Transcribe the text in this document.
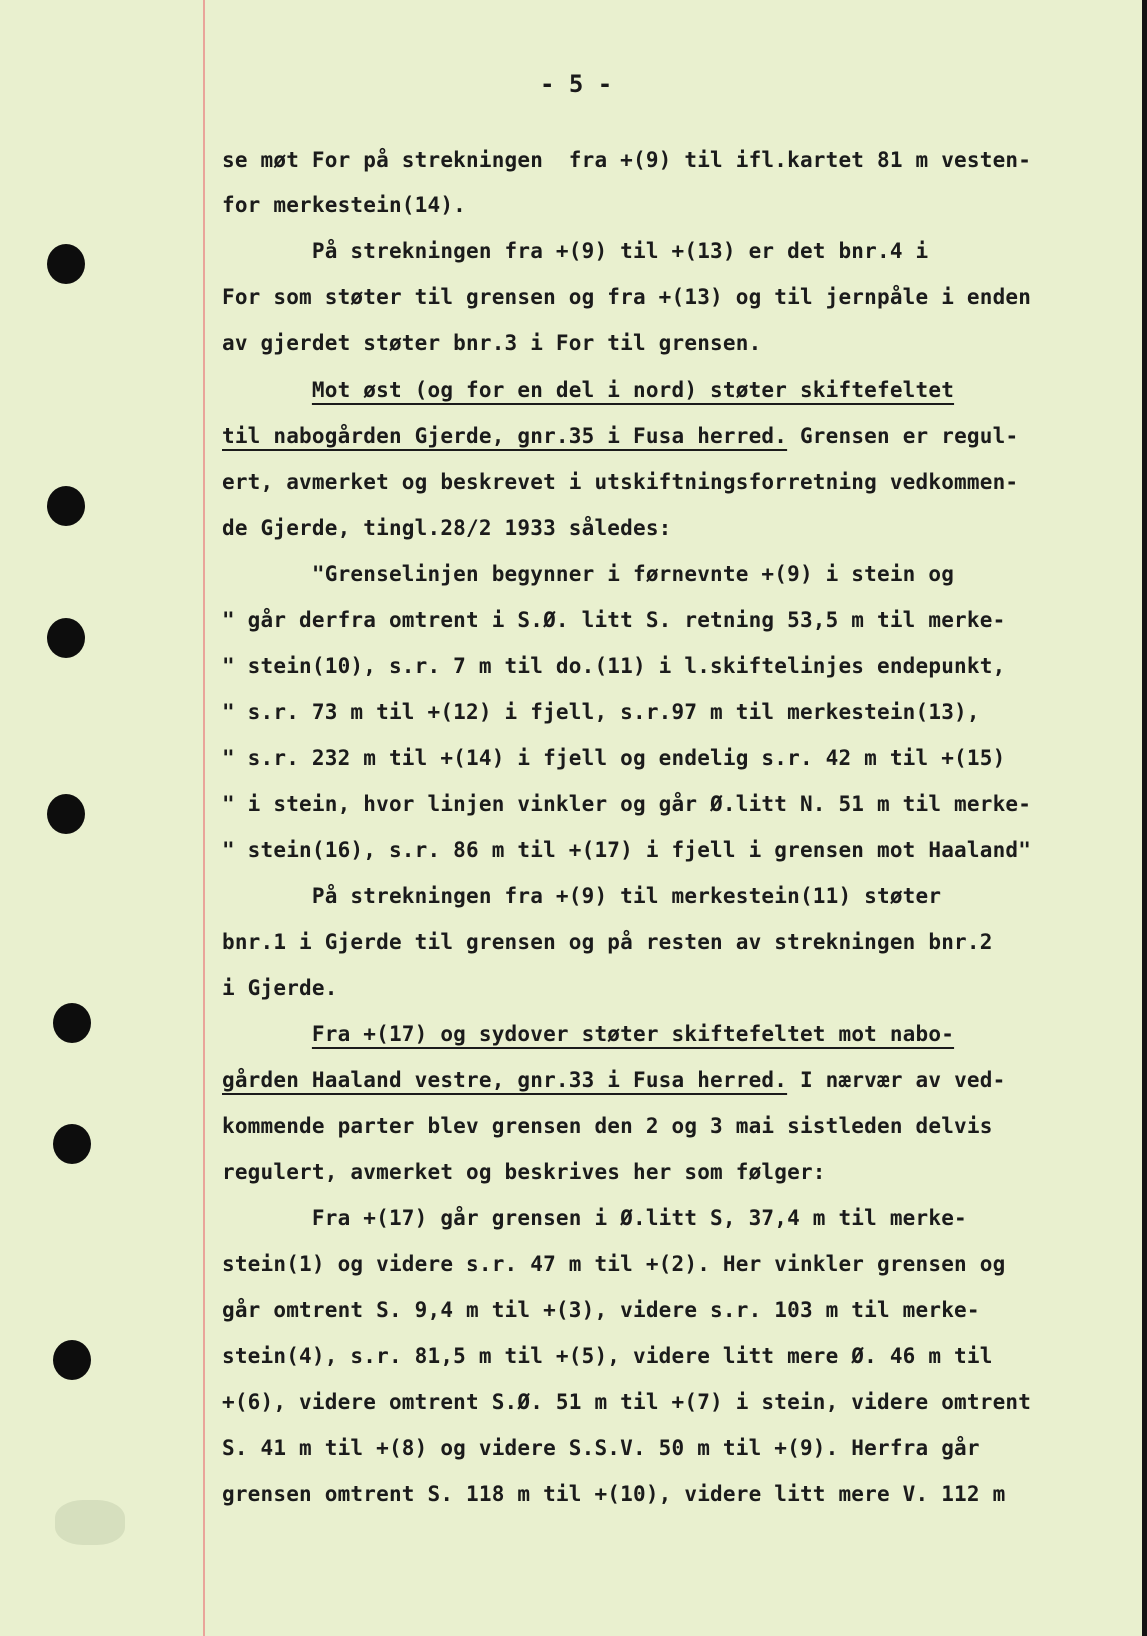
- 5 -
se møt For på strekningen  fra +(9) til ifl.kartet 81 m vesten-
for merkestein(14).
På strekningen fra +(9) til +(13) er det bnr.4 i
For som støter til grensen og fra +(13) og til jernpåle i enden
av gjerdet støter bnr.3 i For til grensen.
Mot øst (og for en del i nord) støter skiftefeltet
til nabogården Gjerde, gnr.35 i Fusa herred. Grensen er regul-
ert, avmerket og beskrevet i utskiftningsforretning vedkommen-
de Gjerde, tingl.28/2 1933 således:
"Grenselinjen begynner i førnevnte +(9) i stein og
" går derfra omtrent i S.Ø. litt S. retning 53,5 m til merke-
" stein(10), s.r. 7 m til do.(11) i l.skiftelinjes endepunkt,
" s.r. 73 m til +(12) i fjell, s.r.97 m til merkestein(13),
" s.r. 232 m til +(14) i fjell og endelig s.r. 42 m til +(15)
" i stein, hvor linjen vinkler og går Ø.litt N. 51 m til merke-
" stein(16), s.r. 86 m til +(17) i fjell i grensen mot Haaland"
På strekningen fra +(9) til merkestein(11) støter
bnr.1 i Gjerde til grensen og på resten av strekningen bnr.2
i Gjerde.
Fra +(17) og sydover støter skiftefeltet mot nabo-
gården Haaland vestre, gnr.33 i Fusa herred. I nærvær av ved-
kommende parter blev grensen den 2 og 3 mai sistleden delvis
regulert, avmerket og beskrives her som følger:
Fra +(17) går grensen i Ø.litt S, 37,4 m til merke-
stein(1) og videre s.r. 47 m til +(2). Her vinkler grensen og
går omtrent S. 9,4 m til +(3), videre s.r. 103 m til merke-
stein(4), s.r. 81,5 m til +(5), videre litt mere Ø. 46 m til
+(6), videre omtrent S.Ø. 51 m til +(7) i stein, videre omtrent
S. 41 m til +(8) og videre S.S.V. 50 m til +(9). Herfra går
grensen omtrent S. 118 m til +(10), videre litt mere V. 112 m
